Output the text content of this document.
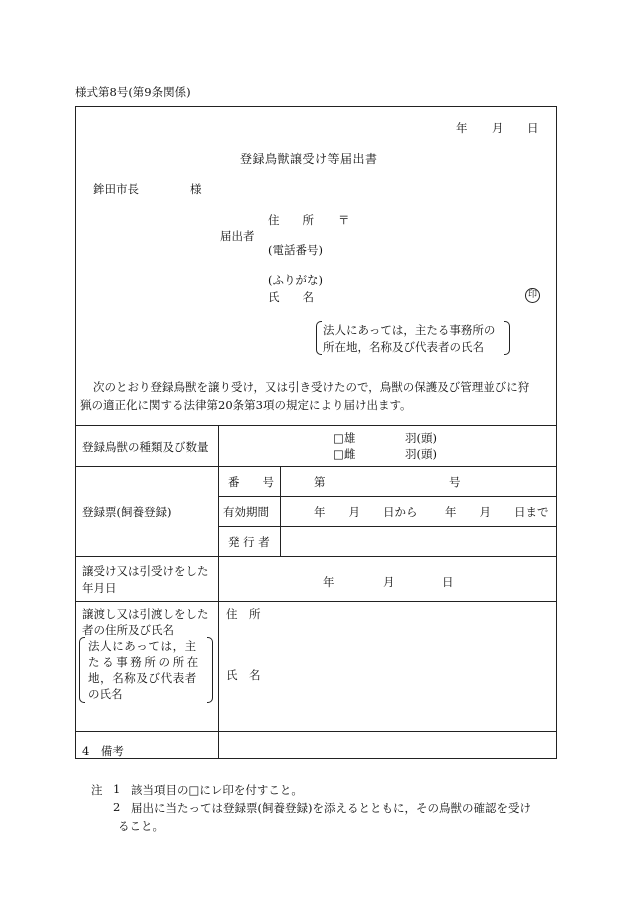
様式第8号(第9条関係)
年 月 日
登録鳥獣譲受け等届出書
鉾田市長	様
住　　所 〒
届出者
(電話番号)
(ふりがな)
氏　　名	印
法人にあっては，主たる事務所の
所在地，名称及び代表者の氏名
次のとおり登録鳥獣を譲り受け，又は引き受けたので，鳥獣の保護及び管理並びに狩
猟の適正化に関する法律第20条第3項の規定により届け出ます。
登録鳥獣の種類及び数量
□雄	羽(頭)
□雌	羽(頭)
登録票(飼養登録)
番　　号	第	号
有効期間	年　　月　　日から 年　　月　　日まで
発 行 者
譲受け又は引受けをした
年月日	年	月	日
譲渡し又は引渡しをした
者の住所及び氏名
法人にあっては，主
たる事務所の所在
地，名称及び代表者
の氏名
住　所
氏　名
4　備考
注 1 該当項目の□にレ印を付すこと。
2 届出に当たっては登録票(飼養登録)を添えるとともに，その鳥獣の確認を受け
ること。
